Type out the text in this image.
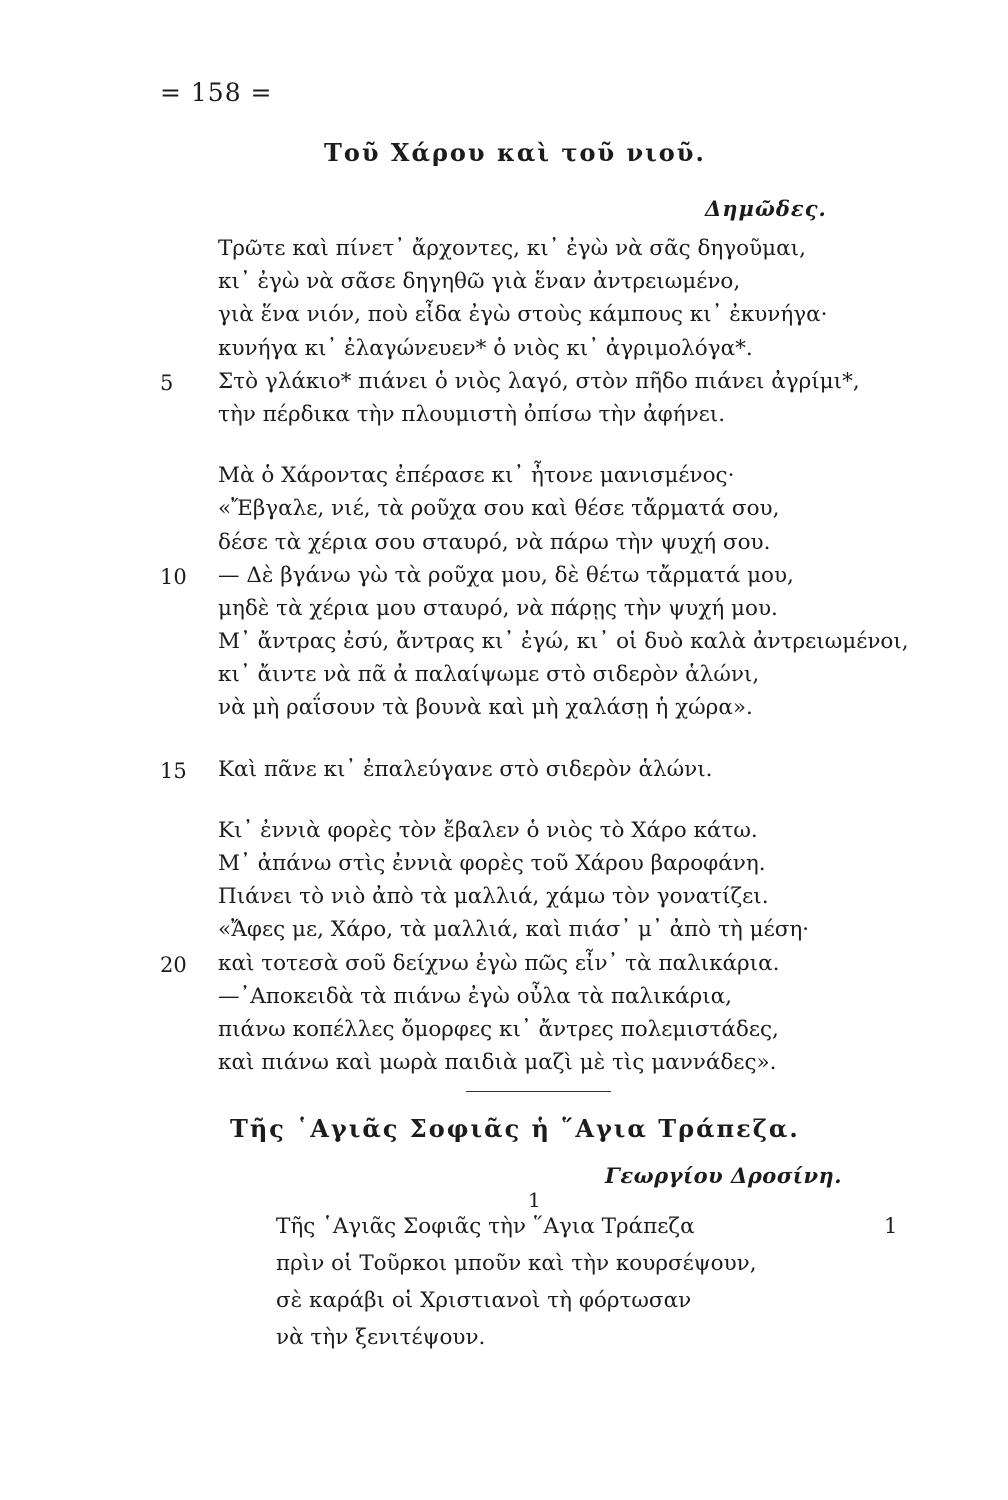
= 158 =
Τοῦ Χάρου καὶ τοῦ νιοῦ.
Δημῶδες.
Τρῶτε καὶ πίνετ᾿ ἄρχοντες, κι᾿ ἐγὼ νὰ σᾶς δηγοῦμαι,
κι᾿ ἐγὼ νὰ σᾶσε δηγηθῶ γιὰ ἕναν ἀντρειωμένο,
γιὰ ἕνα νιόν, ποὺ εἶδα ἐγὼ στοὺς κάμπους κι᾿ ἐκυνήγα·
κυνήγα κι᾿ ἐλαγώνευεν* ὁ νιὸς κι᾿ ἀγριμολόγα*.
5 Στὸ γλάκιο* πιάνει ὁ νιὸς λαγό, στὸν πῆδο πιάνει ἀγρίμι*,
τὴν πέρδικα τὴν πλουμιστὴ ὀπίσω τὴν ἀφήνει.
Μὰ ὁ Χάροντας ἐπέρασε κι᾿ ἦτονε μανισμένος·
«Ἔβγαλε, νιέ, τὰ ροῦχα σου καὶ θέσε τἄρματά σου,
δέσε τὰ χέρια σου σταυρό, νὰ πάρω τὴν ψυχή σου.
10 — Δὲ βγάνω γὼ τὰ ροῦχα μου, δὲ θέτω τἄρματά μου,
μηδὲ τὰ χέρια μου σταυρό, νὰ πάρῃς τὴν ψυχή μου.
Μ᾿ ἄντρας ἐσύ, ἄντρας κι᾿ ἐγώ, κι᾿ οἱ δυὸ καλὰ ἀντρειωμένοι,
κι᾿ ἄιντε νὰ πᾶ ἀ παλαίψωμε στὸ σιδερὸν ἁλώνι,
νὰ μὴ ραΐσουν τὰ βουνὰ καὶ μὴ χαλάσῃ ἡ χώρα».
15 Καὶ πᾶνε κι᾿ ἐπαλεύγανε στὸ σιδερὸν ἁλώνι.
Κι᾿ ἐννιὰ φορὲς τὸν ἔβαλεν ὁ νιὸς τὸ Χάρο κάτω.
Μ᾿ ἀπάνω στὶς ἐννιὰ φορὲς τοῦ Χάρου βαροφάνη.
Πιάνει τὸ νιὸ ἀπὸ τὰ μαλλιά, χάμω τὸν γονατίζει.
«Ἄφες με, Χάρο, τὰ μαλλιά, καὶ πιάσ᾿ μ᾿ ἀπὸ τὴ μέση·
20 καὶ τοτεσὰ σοῦ δείχνω ἐγὼ πῶς εἶν᾿ τὰ παλικάρια.
—᾿Αποκειδὰ τὰ πιάνω ἐγὼ οὖλα τὰ παλικάρια,
πιάνω κοπέλλες ὄμορφες κι᾿ ἄντρες πολεμιστάδες,
καὶ πιάνω καὶ μωρὰ παιδιὰ μαζὶ μὲ τὶς μαννάδες».
Τῆς ῾Αγιᾶς Σοφιᾶς ἡ ῞Αγια Τράπεζα.
Γεωργίου Δροσίνη.
1
Τῆς ῾Αγιᾶς Σοφιᾶς τὴν ῞Αγια Τράπεζα	1
πρὶν οἱ Τοῦρκοι μποῦν καὶ τὴν κουρσέψουν,
σὲ καράβι οἱ Χριστιανοὶ τὴ φόρτωσαν
νὰ τὴν ξενιτέψουν.
